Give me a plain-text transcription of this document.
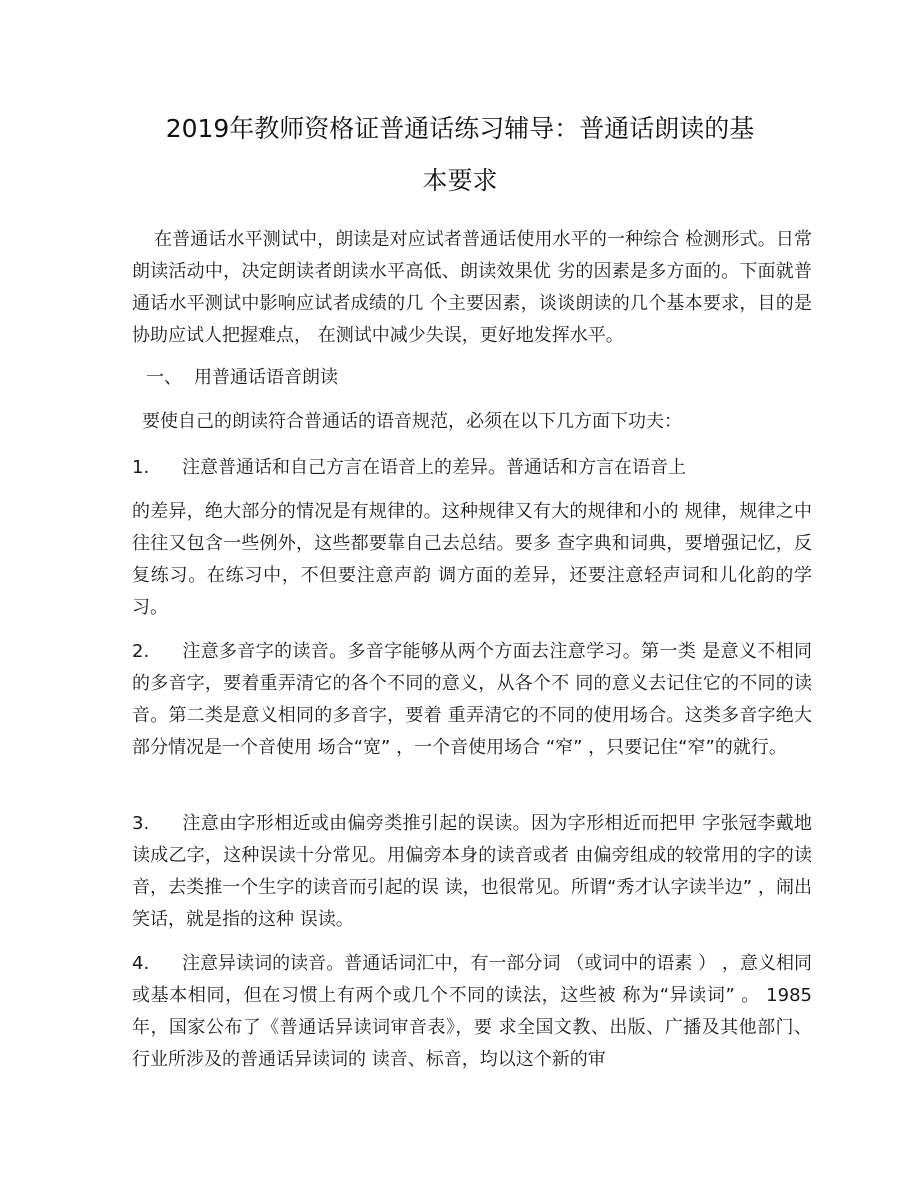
2019年教师资格证普通话练习辅导：普通话朗读的基
本要求
在普通话水平测试中，朗读是对应试者普通话使用水平的一种综合 检测形式。日常朗读活动中，决定朗读者朗读水平高低、朗读效果优 劣的因素是多方面的。下面就普通话水平测试中影响应试者成绩的几 个主要因素，谈谈朗读的几个基本要求，目的是协助应试人把握难点， 在测试中减少失误，更好地发挥水平。
一、 用普通话语音朗读
要使自己的朗读符合普通话的语音规范，必须在以下几方面下功夫：
1. 注意普通话和自己方言在语音上的差异。普通话和方言在语音上
的差异，绝大部分的情况是有规律的。这种规律又有大的规律和小的 规律，规律之中往往又包含一些例外，这些都要靠自己去总结。要多 查字典和词典，要增强记忆，反复练习。在练习中，不但要注意声韵 调方面的差异，还要注意轻声词和儿化韵的学习。
2. 注意多音字的读音。多音字能够从两个方面去注意学习。第一类 是意义不相同的多音字，要着重弄清它的各个不同的意义，从各个不 同的意义去记住它的不同的读音。第二类是意义相同的多音字，要着 重弄清它的不同的使用场合。这类多音字绝大部分情况是一个音使用 场合“宽” ，一个音使用场合 “窄” ，只要记住“窄”的就行。
3. 注意由字形相近或由偏旁类推引起的误读。因为字形相近而把甲 字张冠李戴地读成乙字，这种误读十分常见。用偏旁本身的读音或者 由偏旁组成的较常用的字的读音，去类推一个生字的读音而引起的误 读，也很常见。所谓“秀才认字读半边” ，闹出笑话，就是指的这种 误读。
4. 注意异读词的读音。普通话词汇中，有一部分词 （或词中的语素 ） ，意义相同或基本相同，但在习惯上有两个或几个不同的读法，这些被 称为“异读词” 。 1985年，国家公布了《普通话异读词审音表》，要 求全国文教、出版、广播及其他部门、行业所涉及的普通话异读词的 读音、标音，均以这个新的审
